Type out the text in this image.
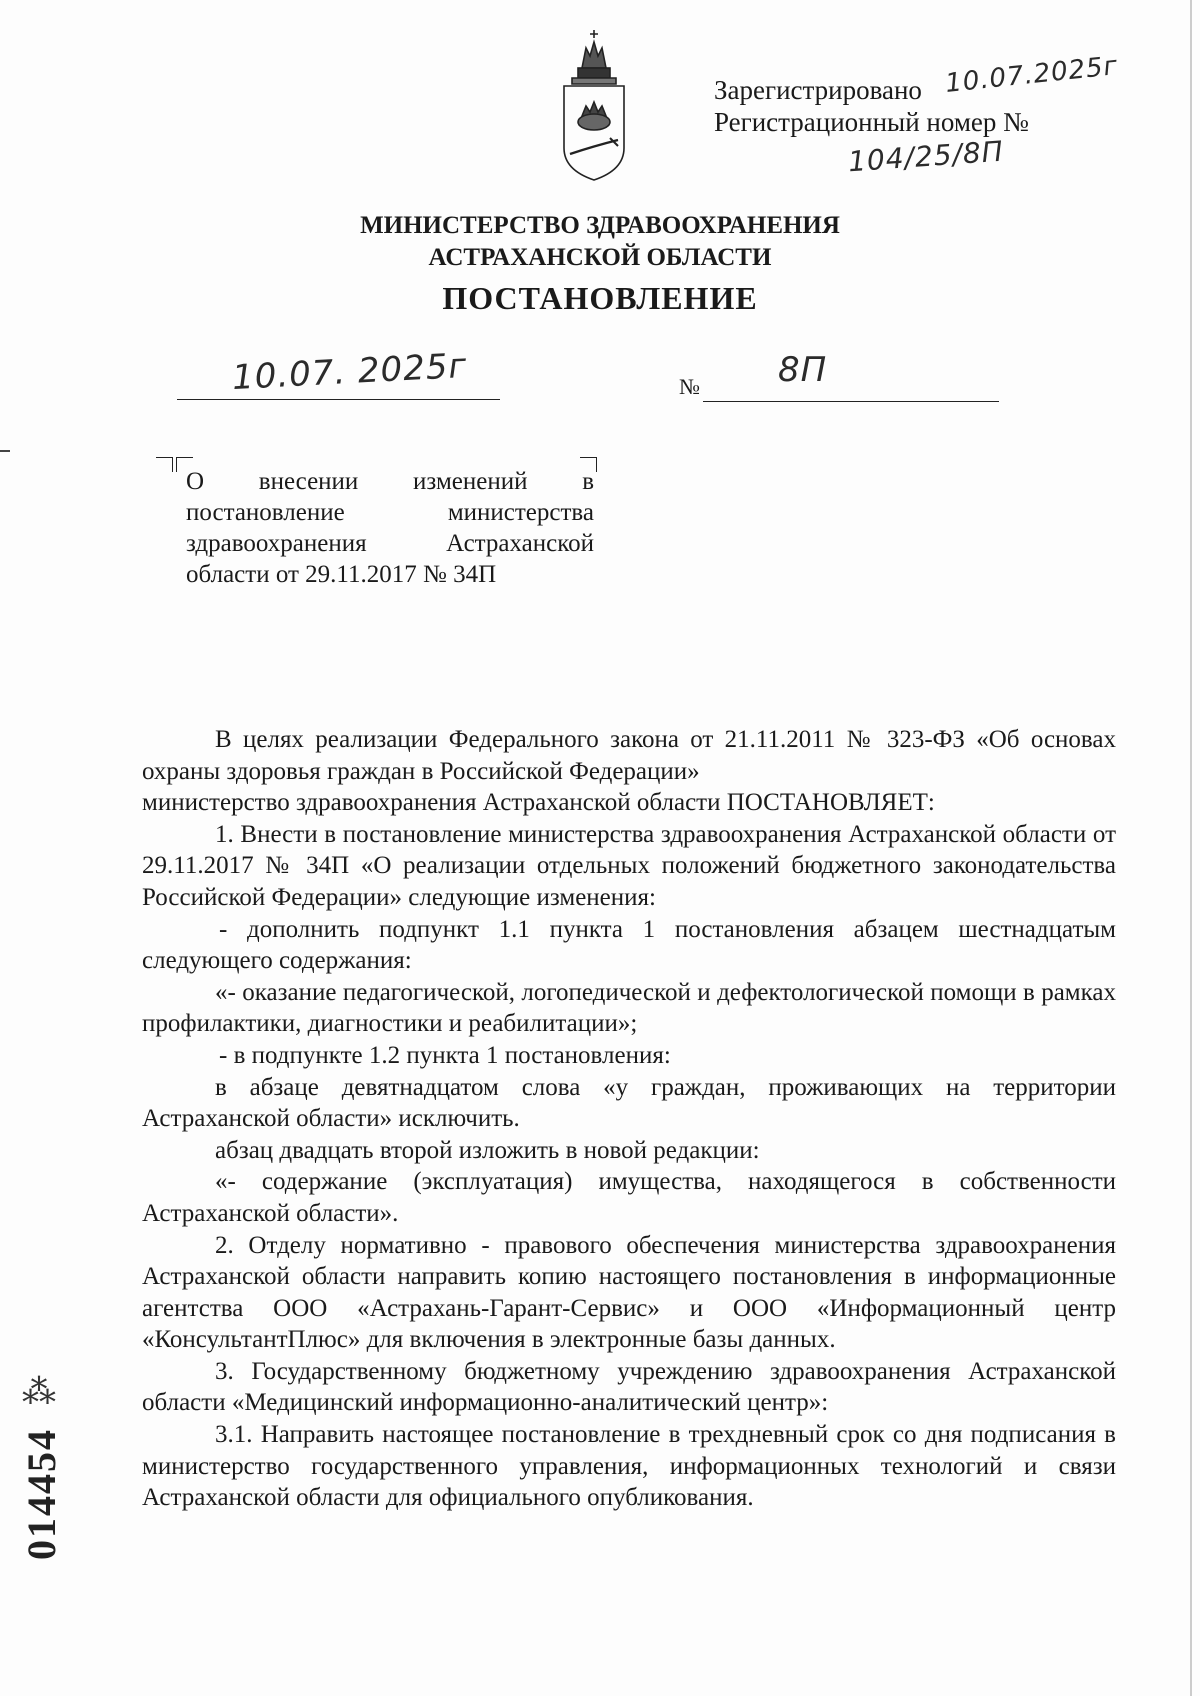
Зарегистрировано
Регистрационный номер №
10.07.2025г
104/25/8П
МИНИСТЕРСТВО ЗДРАВООХРАНЕНИЯ
АСТРАХАНСКОЙ ОБЛАСТИ
ПОСТАНОВЛЕНИЕ
10.07. 2025г	№ 8П
О внесении изменений в постановление министерства здравоохранения Астраханской области от 29.11.2017 № 34П

В целях реализации Федерального закона от 21.11.2011 № 323-ФЗ «Об основах охраны здоровья граждан в Российской Федерации»

министерство здравоохранения Астраханской области ПОСТАНОВЛЯЕТ:

1. Внести в постановление министерства здравоохранения Астраханской области от 29.11.2017 № 34П «О реализации отдельных положений бюджетного законодательства Российской Федерации» следующие изменения:

- дополнить подпункт 1.1 пункта 1 постановления абзацем шестнадцатым следующего содержания:

«- оказание педагогической, логопедической и дефектологической помощи в рамках профилактики, диагностики и реабилитации»;

- в подпункте 1.2 пункта 1 постановления:

в абзаце девятнадцатом слова «у граждан, проживающих на территории Астраханской области» исключить.

абзац двадцать второй изложить в новой редакции:

«- содержание (эксплуатация) имущества, находящегося в собственности Астраханской области».

2. Отделу нормативно - правового обеспечения министерства здравоохранения Астраханской области направить копию настоящего постановления в информационные агентства ООО «Астрахань-Гарант-Сервис» и ООО «Информационный центр «КонсультантПлюс» для включения в электронные базы данных.

3. Государственному бюджетному учреждению здравоохранения Астраханской области «Медицинский информационно-аналитический центр»:

3.1. Направить настоящее постановление в трехдневный срок со дня подписания в министерство государственного управления, информационных технологий и связи Астраханской области для официального опубликования.

⁂
014454
